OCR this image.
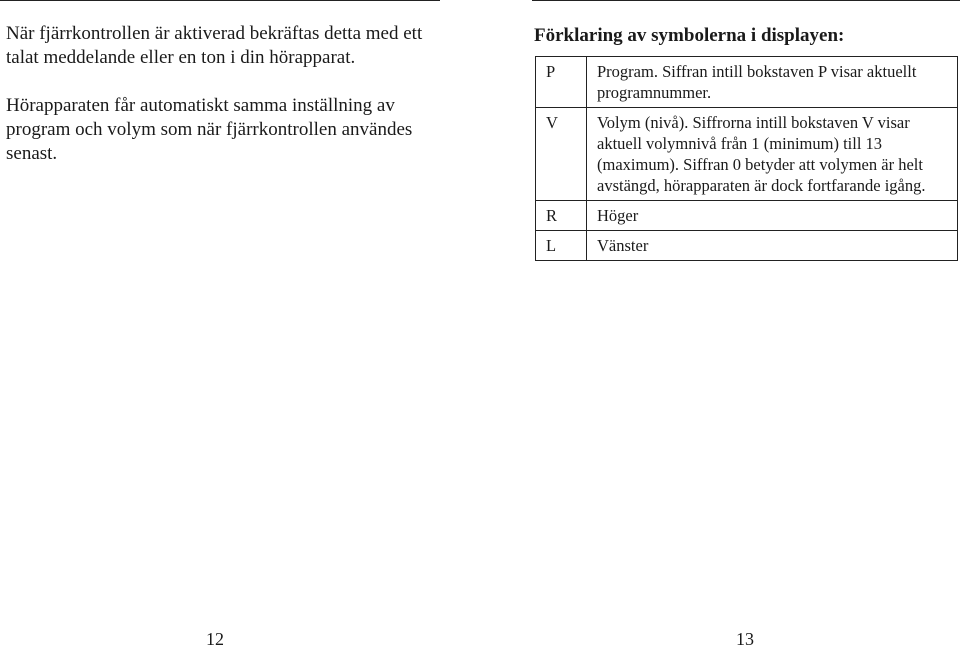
När fjärrkontrollen är aktiverad bekräftas detta med ett talat meddelande eller en ton i din hörapparat.

Hörapparaten får automatiskt samma inställning av program och volym som när fjärrkontrollen användes senast.

Förklaring av symbolerna i displayen:
P	Program. Siffran intill bokstaven P visar aktuellt programnummer.
V	Volym (nivå). Siffrorna intill bokstaven V visar aktuell volymnivå från 1 (minimum) till 13 (maximum). Siffran 0 betyder att volymen är helt avstängd, hörapparaten är dock fortfarande igång.
R	Höger
L	Vänster
12	13
